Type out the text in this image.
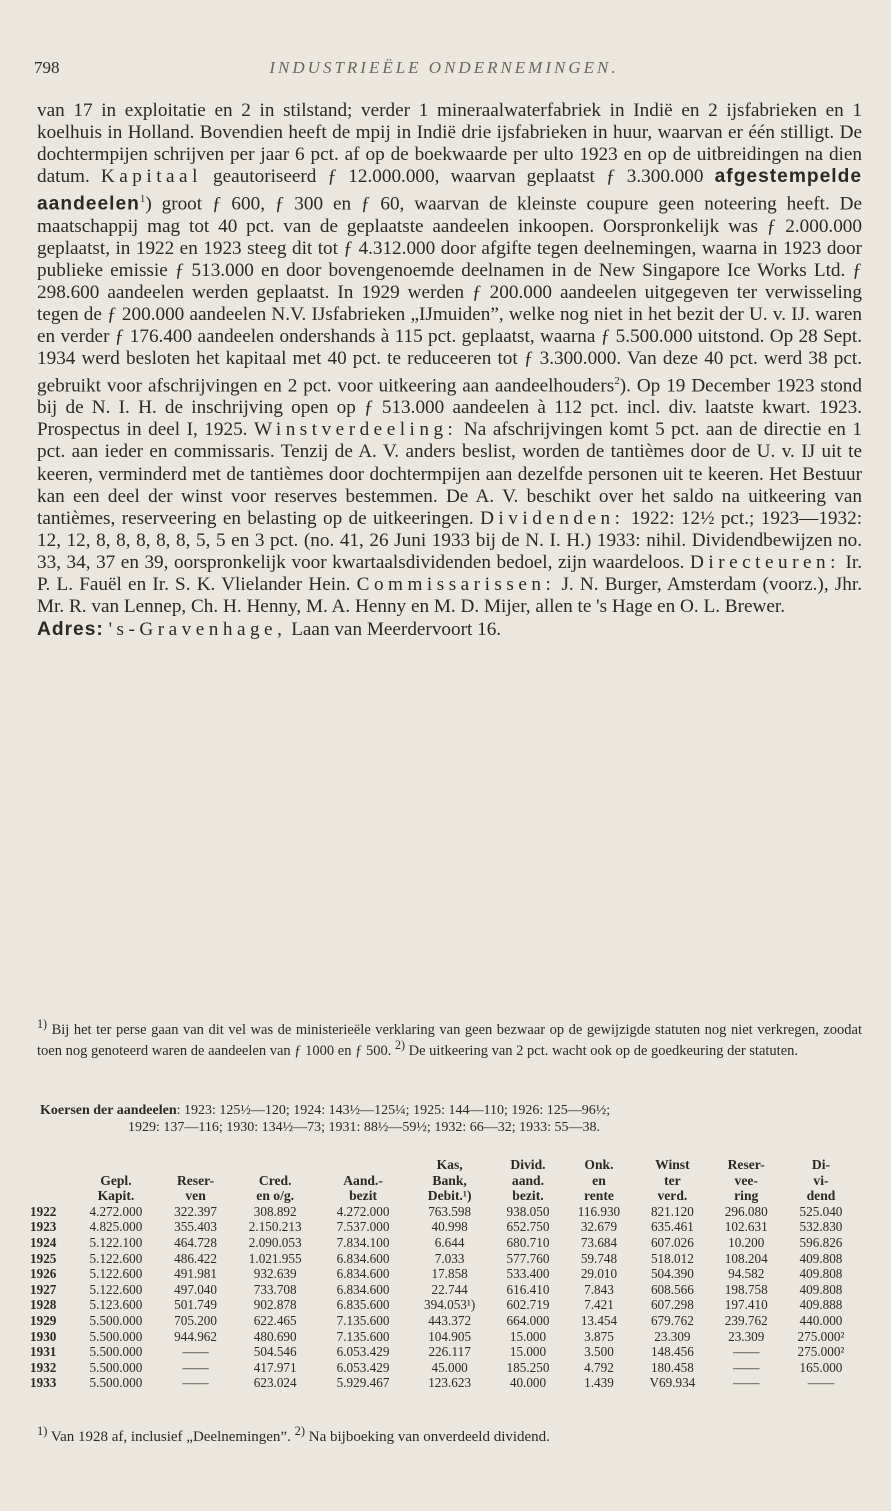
798	INDUSTRIEËLE ONDERNEMINGEN.

van 17 in exploitatie en 2 in stilstand; verder 1 mineraalwaterfabriek in Indië en 2 ijsfabrieken en 1 koelhuis in Holland. Bovendien heeft de mpij in Indië drie ijsfabrieken in huur, waarvan er één stilligt. De dochtermpijen schrijven per jaar 6 pct. af op de boekwaarde per ulto 1923 en op de uitbreidingen na dien datum. Kapitaal geautoriseerd ƒ 12.000.000, waarvan geplaatst ƒ 3.300.000 afgestempelde aandeelen$^1$) groot ƒ 600, ƒ 300 en ƒ 60, waarvan de kleinste coupure geen noteering heeft. De maatschappij mag tot 40 pct. van de geplaatste aandeelen inkoopen. Oorspronkelijk was ƒ 2.000.000 geplaatst, in 1922 en 1923 steeg dit tot ƒ 4.312.000 door afgifte tegen deelnemingen, waarna in 1923 door publieke emissie ƒ 513.000 en door bovengenoemde deelnamen in de New Singapore Ice Works Ltd. ƒ 298.600 aandeelen werden geplaatst. In 1929 werden ƒ 200.000 aandeelen uitgegeven ter verwisseling tegen de ƒ 200.000 aandeelen N.V. IJsfabrieken „IJmuiden”, welke nog niet in het bezit der U. v. IJ. waren en verder ƒ 176.400 aandeelen ondershands à 115 pct. geplaatst, waarna ƒ 5.500.000 uitstond. Op 28 Sept. 1934 werd besloten het kapitaal met 40 pct. te reduceeren tot ƒ 3.300.000. Van deze 40 pct. werd 38 pct. gebruikt voor afschrijvingen en 2 pct. voor uitkeering aan aandeelhouders$^2$). Op 19 December 1923 stond bij de N. I. H. de inschrijving open op ƒ 513.000 aandeelen à 112 pct. incl. div. laatste kwart. 1923. Prospectus in deel I, 1925. Winstverdeeling: Na afschrijvingen komt 5 pct. aan de directie en 1 pct. aan ieder en commissaris. Tenzij de A. V. anders beslist, worden de tantièmes door de U. v. IJ uit te keeren, verminderd met de tantièmes door dochtermpijen aan dezelfde personen uit te keeren. Het Bestuur kan een deel der winst voor reserves bestemmen. De A. V. beschikt over het saldo na uitkeering van tantièmes, reserveering en belasting op de uitkeeringen. Dividenden: 1922: 12½ pct.; 1923—1932: 12, 12, 8, 8, 8, 8, 8, 5, 5 en 3 pct. (no. 41, 26 Juni 1933 bij de N. I. H.) 1933: nihil. Dividendbewijzen no. 33, 34, 37 en 39, oorspronkelijk voor kwartaalsdividenden bedoel, zijn waardeloos. Directeuren: Ir. P. L. Fauël en Ir. S. K. Vlielander Hein. Commissarissen: J. N. Burger, Amsterdam (voorz.), Jhr. Mr. R. van Lennep, Ch. H. Henny, M. A. Henny en M. D. Mijer, allen te 's Hage en O. L. Brewer.

Adres: 's-Gravenhage, Laan van Meerdervoort 16.

$^{1)}$ Bij het ter perse gaan van dit vel was de ministerieële verklaring van geen bezwaar op de gewijzigde statuten nog niet verkregen, zoodat toen nog genoteerd waren de aandeelen van ƒ 1000 en ƒ 500. $^{2)}$ De uitkeering van 2 pct. wacht ook op de goedkeuring der statuten.

Koersen der aandeelen: 1923: 125½—120; 1924: 143½—125¼; 1925: 144—110; 1926: 125—96½;

1929: 137—116; 1930: 134½—73; 1931: 88½—59½; 1932: 66—32; 1933: 55—38.

					Kas,	Divid.	Onk.	Winst	Reser-	Di-
	Gepl.	Reser-	Cred.	Aand.-	Bank,	aand.	en	ter	vee-	vi-
	Kapit.	ven	en o/g.	bezit	Debit.¹)	bezit.	rente	verd.	ring	dend
1922	4.272.000	322.397	308.892	4.272.000	763.598	938.050	116.930	821.120	296.080	525.040
1923	4.825.000	355.403	2.150.213	7.537.000	40.998	652.750	32.679	635.461	102.631	532.830
1924	5.122.100	464.728	2.090.053	7.834.100	6.644	680.710	73.684	607.026	10.200	596.826
1925	5.122.600	486.422	1.021.955	6.834.600	7.033	577.760	59.748	518.012	108.204	409.808
1926	5.122.600	491.981	932.639	6.834.600	17.858	533.400	29.010	504.390	94.582	409.808
1927	5.122.600	497.040	733.708	6.834.600	22.744	616.410	7.843	608.566	198.758	409.808
1928	5.123.600	501.749	902.878	6.835.600	394.053¹)	602.719	7.421	607.298	197.410	409.888
1929	5.500.000	705.200	622.465	7.135.600	443.372	664.000	13.454	679.762	239.762	440.000
1930	5.500.000	944.962	480.690	7.135.600	104.905	15.000	3.875	23.309	23.309	275.000²
1931	5.500.000	——	504.546	6.053.429	226.117	15.000	3.500	148.456	——	275.000²
1932	5.500.000	——	417.971	6.053.429	45.000	185.250	4.792	180.458	——	165.000
1933	5.500.000	——	623.024	5.929.467	123.623	40.000	1.439	V69.934	——	——

$^{1)}$ Van 1928 af, inclusief „Deelnemingen”. $^{2)}$ Na bijboeking van onverdeeld dividend.
